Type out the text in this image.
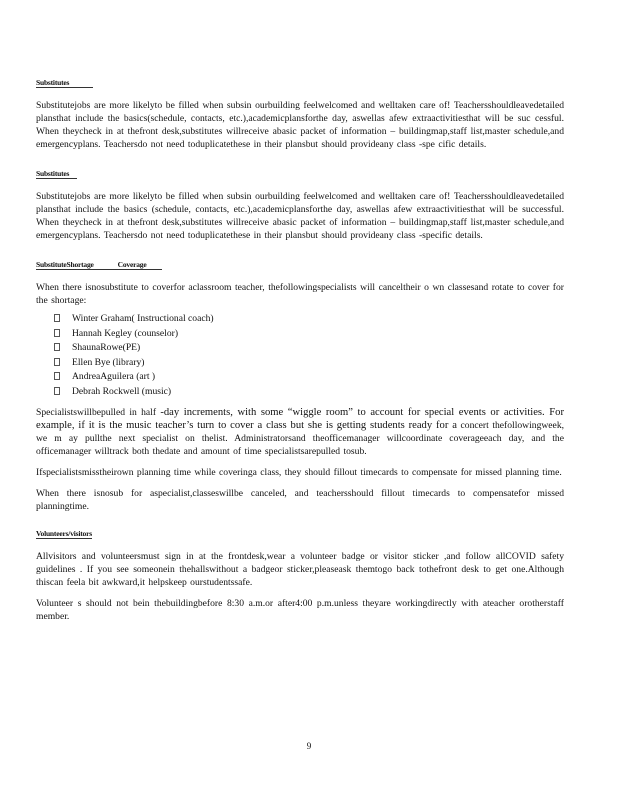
Substitutes

Substitutejobs are more likelyto be filled when subsin ourbuilding feelwelcomed and welltaken care of! Teachersshouldleavedetailed plansthat include the basics(schedule, contacts, etc.),academicplansforthe day, aswellas afew extraactivitiesthat will be suc cessful. When theycheck in at thefront desk,substitutes willreceive abasic packet of information – buildingmap,staff list,master schedule,and emergencyplans. Teachersdo not need toduplicatethese in their plansbut should provideany class -spe cific details.

Substitutes

Substitutejobs are more likelyto be filled when subsin ourbuilding feelwelcomed and welltaken care of! Teachersshouldleavedetailed plansthat include the basics (schedule, contacts, etc.),academicplansforthe day, aswellas afew extraactivitiesthat will be successful. When theycheck in at thefront desk,substitutes willreceive abasic packet of information – buildingmap,staff list,master schedule,and emergencyplans. Teachersdo not need toduplicatethese in their plansbut should provideany class -specific details.

SubstituteShortage	Coverage

When there isnosubstitute to coverfor aclassroom teacher, thefollowingspecialists will canceltheir o wn classesand rotate to cover for the shortage:

Winter Graham( Instructional coach)
Hannah Kegley (counselor)
ShaunaRowe(PE)
Ellen Bye (library)
AndreaAguilera (art )
Debrah Rockwell (music)

Specialistswillbepulled in half -day increments, with some “wiggle room” to account for special events or activities. For example, if it is the music teacher’s turn to cover a class but she is getting students ready for a concert thefollowingweek, we m ay pullthe next specialist on thelist. Administratorsand theofficemanager willcoordinate coverageeach day, and the officemanager willtrack both thedate and amount of time specialistsarepulled tosub.

Ifspecialistsmisstheirown planning time while coveringa class, they should fillout timecards to compensate for missed planning time.

When there isnosub for aspecialist,classeswillbe canceled, and teachersshould fillout timecards to compensatefor missed planningtime.

Volunteers/visitors

Allvisitors and volunteersmust sign in at the frontdesk,wear a volunteer badge or visitor sticker ,and follow allCOVID safety guidelines . If you see someonein thehallswithout a badgeor sticker,pleaseask themtogo back tothefront desk to get one.Although thiscan feela bit awkward,it helpskeep ourstudentssafe.

Volunteer s should not bein thebuildingbefore 8:30 a.m.or after4:00 p.m.unless theyare workingdirectly with ateacher orotherstaff member.

9
